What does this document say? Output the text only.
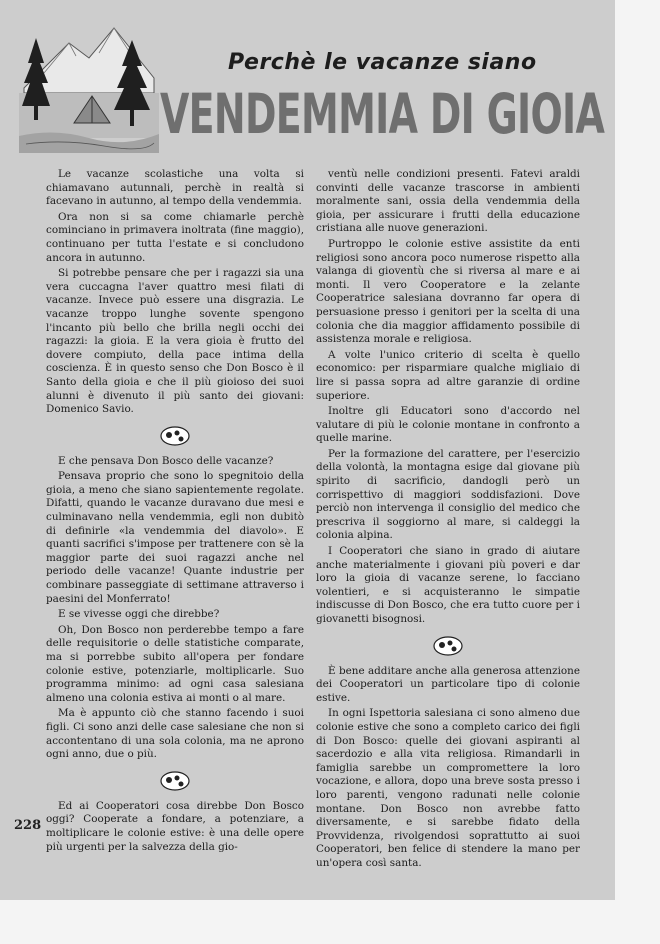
Perchè le vacanze siano
VENDEMMIA DI GIOIA

Le vacanze scolastiche una volta si chiamavano autunnali, perchè in realtà si facevano in autunno, al tempo della vendemmia.

Ora non si sa come chiamarle perchè cominciano in primavera inoltrata (fine maggio), continuano per tutta l'estate e si concludono ancora in autunno.

Si potrebbe pensare che per i ragazzi sia una vera cuccagna l'aver quattro mesi filati di vacanze. Invece può essere una disgrazia. Le vacanze troppo lunghe sovente spengono l'incanto più bello che brilla negli occhi dei ragazzi: la gioia. E la vera gioia è frutto del dovere compiuto, della pace intima della coscienza. È in questo senso che Don Bosco è il Santo della gioia e che il più gioioso dei suoi alunni è divenuto il più santo dei giovani: Domenico Savio.

E che pensava Don Bosco delle vacanze?

Pensava proprio che sono lo spegnitoio della gioia, a meno che siano sapientemente regolate. Difatti, quando le vacanze duravano due mesi e culminavano nella vendemmia, egli non dubitò di definirle «la vendemmia del diavolo». E quanti sacrifici s'impose per trattenere con sè la maggior parte dei suoi ragazzi anche nel periodo delle vacanze! Quante industrie per combinare passeggiate di settimane attraverso i paesini del Monferrato!

E se vivesse oggi che direbbe?

Oh, Don Bosco non perderebbe tempo a fare delle requisitorie o delle statistiche comparate, ma si porrebbe subito all'opera per fondare colonie estive, potenziarle, moltiplicarle. Suo programma minimo: ad ogni casa salesiana almeno una colonia estiva ai monti o al mare.

Ma è appunto ciò che stanno facendo i suoi figli. Ci sono anzi delle case salesiane che non si accontentano di una sola colonia, ma ne aprono ogni anno, due o più.

Ed ai Cooperatori cosa direbbe Don Bosco oggi? Cooperate a fondare, a potenziare, a moltiplicare le colonie estive: è una delle opere più urgenti per la salvezza della gio-

ventù nelle condizioni presenti. Fatevi araldi convinti delle vacanze trascorse in ambienti moralmente sani, ossia della vendemmia della gioia, per assicurare i frutti della educazione cristiana alle nuove generazioni.

Purtroppo le colonie estive assistite da enti religiosi sono ancora poco numerose rispetto alla valanga di gioventù che si riversa al mare e ai monti. Il vero Cooperatore e la zelante Cooperatrice salesiana dovranno far opera di persuasione presso i genitori per la scelta di una colonia che dia maggior affidamento possibile di assistenza morale e religiosa.

A volte l'unico criterio di scelta è quello economico: per risparmiare qualche migliaio di lire si passa sopra ad altre garanzie di ordine superiore.

Inoltre gli Educatori sono d'accordo nel valutare di più le colonie montane in confronto a quelle marine.

Per la formazione del carattere, per l'esercizio della volontà, la montagna esige dal giovane più spirito di sacrificio, dandogli però un corrispettivo di maggiori soddisfazioni. Dove perciò non intervenga il consiglio del medico che prescriva il soggiorno al mare, si caldeggi la colonia alpina.

I Cooperatori che siano in grado di aiutare anche materialmente i giovani più poveri e dar loro la gioia di vacanze serene, lo facciano volentieri, e si acquisteranno le simpatie indiscusse di Don Bosco, che era tutto cuore per i giovanetti bisognosi.

È bene additare anche alla generosa attenzione dei Cooperatori un particolare tipo di colonie estive.

In ogni Ispettoria salesiana ci sono almeno due colonie estive che sono a completo carico dei figli di Don Bosco: quelle dei giovani aspiranti al sacerdozio e alla vita religiosa. Rimandarli in famiglia sarebbe un compromettere la loro vocazione, e allora, dopo una breve sosta presso i loro parenti, vengono radunati nelle colonie montane. Don Bosco non avrebbe fatto diversamente, e si sarebbe fidato della Provvidenza, rivolgendosi soprattutto ai suoi Cooperatori, ben felice di stendere la mano per un'opera così santa.

228
